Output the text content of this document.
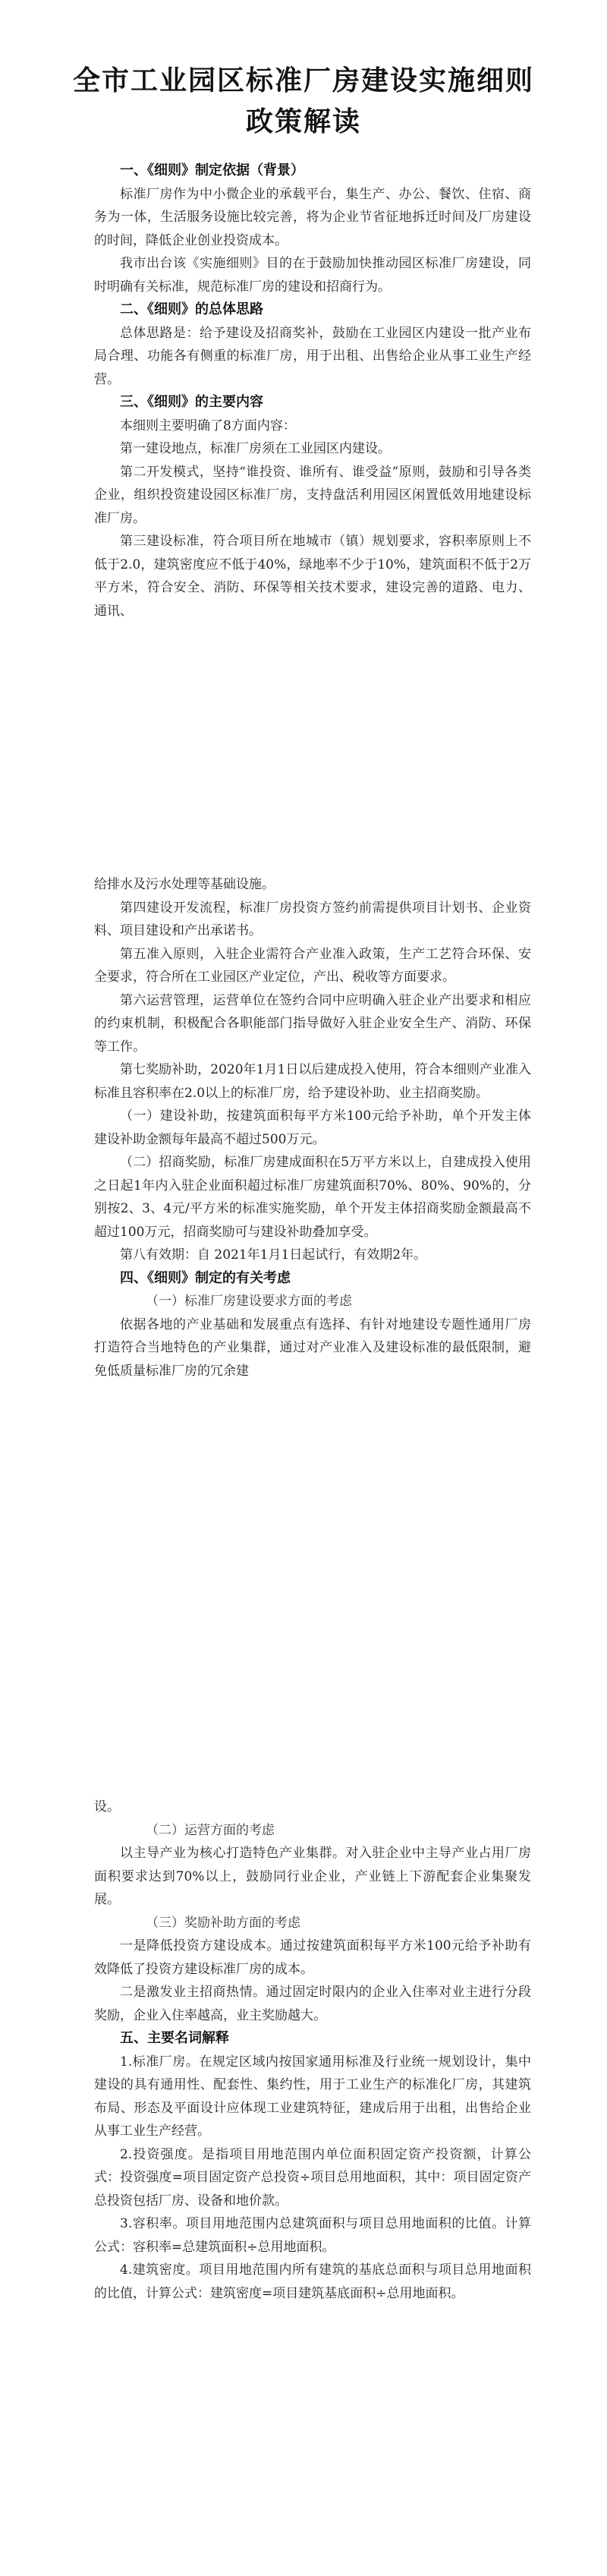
全市工业园区标准厂房建设实施细则
政策解读

一、《细则》制定依据（背景）

标准厂房作为中小微企业的承载平台，集生产、办公、餐饮、住宿、商务为一体，生活服务设施比较完善，将为企业节省征地拆迁时间及厂房建设的时间，降低企业创业投资成本。

我市出台该《实施细则》目的在于鼓励加快推动园区标准厂房建设，同时明确有关标准，规范标准厂房的建设和招商行为。

二、《细则》的总体思路

总体思路是：给予建设及招商奖补，鼓励在工业园区内建设一批产业布局合理、功能各有侧重的标准厂房，用于出租、出售给企业从事工业生产经营。

三、《细则》的主要内容

本细则主要明确了8方面内容：

第一建设地点，标准厂房须在工业园区内建设。

第二开发模式，坚持“谁投资、谁所有、谁受益”原则，鼓励和引导各类企业，组织投资建设园区标准厂房，支持盘活利用园区闲置低效用地建设标准厂房。

第三建设标准，符合项目所在地城市（镇）规划要求，容积率原则上不低于2.0，建筑密度应不低于40%，绿地率不少于10%，建筑面积不低于2万平方米，符合安全、消防、环保等相关技术要求，建设完善的道路、电力、通讯、

给排水及污水处理等基础设施。

第四建设开发流程，标准厂房投资方签约前需提供项目计划书、企业资料、项目建设和产出承诺书。

第五准入原则，入驻企业需符合产业准入政策，生产工艺符合环保、安全要求，符合所在工业园区产业定位，产出、税收等方面要求。

第六运营管理，运营单位在签约合同中应明确入驻企业产出要求和相应的约束机制，积极配合各职能部门指导做好入驻企业安全生产、消防、环保等工作。

第七奖励补助，2020年1月1日以后建成投入使用，符合本细则产业准入标准且容积率在2.0以上的标准厂房，给予建设补助、业主招商奖励。

（一）建设补助，按建筑面积每平方米100元给予补助，单个开发主体建设补助金额每年最高不超过500万元。

（二）招商奖励，标准厂房建成面积在5万平方米以上，自建成投入使用之日起1年内入驻企业面积超过标准厂房建筑面积70%、80%、90%的，分别按2、3、4元/平方米的标准实施奖励，单个开发主体招商奖励金额最高不超过100万元，招商奖励可与建设补助叠加享受。

第八有效期：自 2021年1月1日起试行，有效期2年。

四、《细则》制定的有关考虑

（一）标准厂房建设要求方面的考虑

依据各地的产业基础和发展重点有选择、有针对地建设专题性通用厂房打造符合当地特色的产业集群，通过对产业准入及建设标准的最低限制，避免低质量标准厂房的冗余建

设。

（二）运营方面的考虑

以主导产业为核心打造特色产业集群。对入驻企业中主导产业占用厂房面积要求达到70%以上，鼓励同行业企业，产业链上下游配套企业集聚发展。

（三）奖励补助方面的考虑

一是降低投资方建设成本。通过按建筑面积每平方米100元给予补助有效降低了投资方建设标准厂房的成本。

二是激发业主招商热情。通过固定时限内的企业入住率对业主进行分段奖励，企业入住率越高，业主奖励越大。

五、主要名词解释

1.标准厂房。在规定区域内按国家通用标准及行业统一规划设计，集中建设的具有通用性、配套性、集约性，用于工业生产的标准化厂房，其建筑布局、形态及平面设计应体现工业建筑特征，建成后用于出租，出售给企业从事工业生产经营。

2.投资强度。是指项目用地范围内单位面积固定资产投资额，计算公式：投资强度=项目固定资产总投资÷项目总用地面积，其中：项目固定资产总投资包括厂房、设备和地价款。

3.容积率。项目用地范围内总建筑面积与项目总用地面积的比值。计算公式：容积率=总建筑面积÷总用地面积。

4.建筑密度。项目用地范围内所有建筑的基底总面积与项目总用地面积的比值，计算公式：建筑密度=项目建筑基底面积÷总用地面积。
